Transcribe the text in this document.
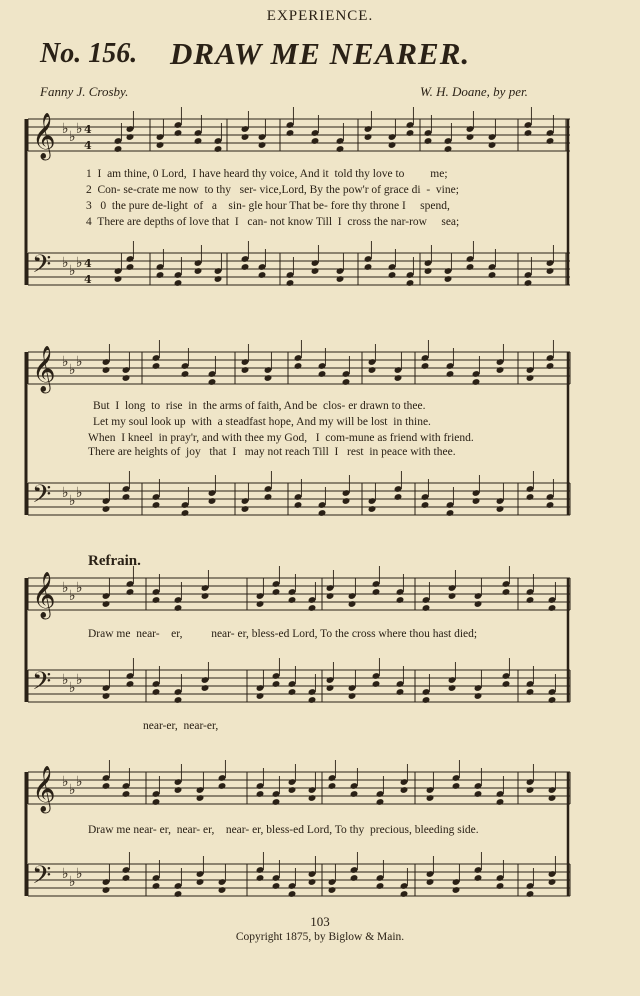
EXPERIENCE.
No. 156. DRAW ME NEARER.
Fanny J. Crosby.	W. H. Doane, by per.
𝄞 ♭ ♭ ♭
𝄢 ♭ ♭ ♭
4
4
4
4
𝄞 ♭ ♭ ♭
𝄢 ♭ ♭ ♭
𝄞 ♭ ♭ ♭
𝄢 ♭ ♭ ♭
𝄞 ♭ ♭ ♭
𝄢 ♭ ♭ ♭
1  I  am thine, 0 Lord,  I have heard thy voice, And it  told thy love to         me;
2  Con- se-crate me now  to thy   ser- vice,Lord, By the pow'r of grace di  -  vine;
3   0  the pure de-light  of   a    sin- gle hour That be- fore thy throne I     spend,
4  There are depths of love that  I   can- not know Till  I  cross the nar-row     sea;
But  I  long  to  rise  in  the arms of faith, And be  clos- er drawn to thee.
Let my soul look up  with  a steadfast hope, And my will be lost  in thine.
When  I kneel  in pray'r, and with thee my God,   I  com-mune as friend with friend.
There are heights of  joy   that  I   may not reach Till  I   rest  in peace with thee.
Refrain.
Draw me  near-    er,          near- er, bless-ed Lord, To the cross where thou hast died;
near-er,  near-er,
Draw me near- er,  near- er,    near- er, bless-ed Lord, To thy  precious, bleeding side.
103
Copyright 1875, by Biglow & Main.
